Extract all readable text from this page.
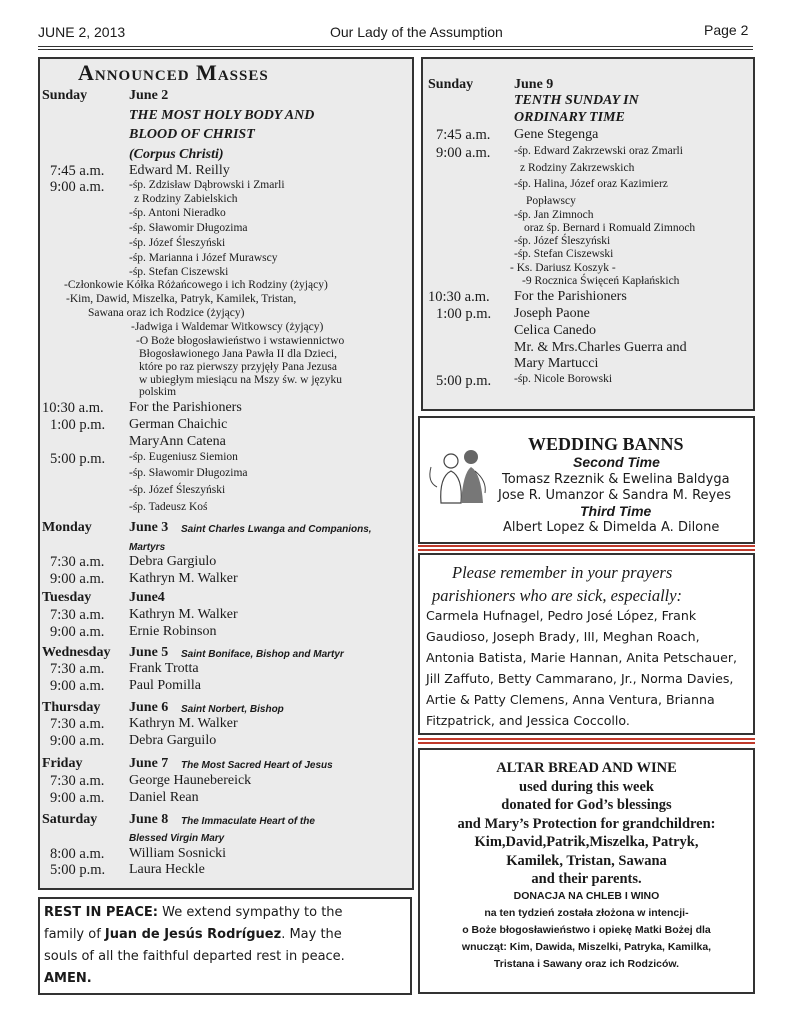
JUNE 2, 2013	Our Lady of the Assumption	Page 2
Announced Masses
Sunday	June 2
THE MOST HOLY BODY AND
BLOOD OF CHRIST
(Corpus Christi)
7:45 a.m. Edward M. Reilly
9:00 a.m. -śp. Zdzisław Dąbrowski i Zmarli
z Rodziny Zabielskich
-śp. Antoni Nieradko
-śp. Sławomir Długozima
-śp. Józef Śleszyński
-śp. Marianna i Józef Murawscy
-śp. Stefan Ciszewski
-Członkowie Kółka Różańcowego i ich Rodziny (żyjący)
-Kim, Dawid, Miszelka, Patryk, Kamilek, Tristan,
Sawana oraz ich Rodzice (żyjący)
-Jadwiga i Waldemar Witkowscy (żyjący)
-O Boże błogosławieństwo i wstawiennictwo
Błogosławionego Jana Pawła II dla Dzieci,
które po raz pierwszy przyjęły Pana Jezusa
w ubiegłym miesiącu na Mszy św. w języku
polskim
10:30 a.m. For the Parishioners
1:00 p.m. German Chaichic
MaryAnn Catena
5:00 p.m. -śp. Eugeniusz Siemion
-śp. Sławomir Długozima
-śp. Józef Śleszyński
-śp. Tadeusz Koś
Monday	June 3 Saint Charles Lwanga and Companions,
Martyrs
7:30 a.m. Debra Gargiulo
9:00 a.m. Kathryn M. Walker
Tuesday	June4
7:30 a.m. Kathryn M. Walker
9:00 a.m. Ernie Robinson
Wednesday June 5 Saint Boniface, Bishop and Martyr
7:30 a.m. Frank Trotta
9:00 a.m. Paul Pomilla
Thursday June 6 Saint Norbert, Bishop
7:30 a.m. Kathryn M. Walker
9:00 a.m. Debra Garguilo
Friday	June 7 The Most Sacred Heart of Jesus
7:30 a.m. George Haunebereick
9:00 a.m. Daniel Rean
Saturday June 8 The Immaculate Heart of the
Blessed Virgin Mary
8:00 a.m. William Sosnicki
5:00 p.m. Laura Heckle
Sunday	June 9
TENTH SUNDAY IN
ORDINARY TIME
7:45 a.m. Gene Stegenga
9:00 a.m. -śp. Edward Zakrzewski oraz Zmarli
z Rodziny Zakrzewskich
-śp. Halina, Józef oraz Kazimierz
Popławscy
-śp. Jan Zimnoch
oraz śp. Bernard i Romuald Zimnoch
-śp. Józef Śleszyński
-śp. Stefan Ciszewski
- Ks. Dariusz Koszyk -
-9 Rocznica Święceń Kapłańskich
10:30 a.m. For the Parishioners
1:00 p.m. Joseph Paone
Celica Canedo
Mr. & Mrs.Charles Guerra and
Mary Martucci
5:00 p.m. -śp. Nicole Borowski
WEDDING BANNS
Second Time
Tomasz Rzeznik & Ewelina Baldyga
Jose R. Umanzor & Sandra M. Reyes
Third Time
Albert Lopez & Dimelda A. Dilone
Please remember in your prayers
parishioners who are sick, especially:
Carmela Hufnagel, Pedro José López, Frank
Gaudioso, Joseph Brady, III, Meghan Roach,
Antonia Batista, Marie Hannan, Anita Petschauer,
Jill Zaffuto, Betty Cammarano, Jr., Norma Davies,
Artie & Patty Clemens, Anna Ventura, Brianna
Fitzpatrick, and Jessica Coccollo.
ALTAR BREAD AND WINE
used during this week
donated for God’s blessings
and Mary’s Protection for grandchildren:
Kim,David,Patrik,Miszelka, Patryk,
Kamilek, Tristan, Sawana
and their parents.
DONACJA NA CHLEB I WINO
na ten tydzień została złożona w intencji-
o Boże błogosławieństwo i opiekę Matki Bożej dla
wnucząt: Kim, Dawida, Miszelki, Patryka, Kamilka,
Tristana i Sawany oraz ich Rodziców.
REST IN PEACE: We extend sympathy to the
family of Juan de Jesús Rodríguez. May the
souls of all the faithful departed rest in peace.
AMEN.
